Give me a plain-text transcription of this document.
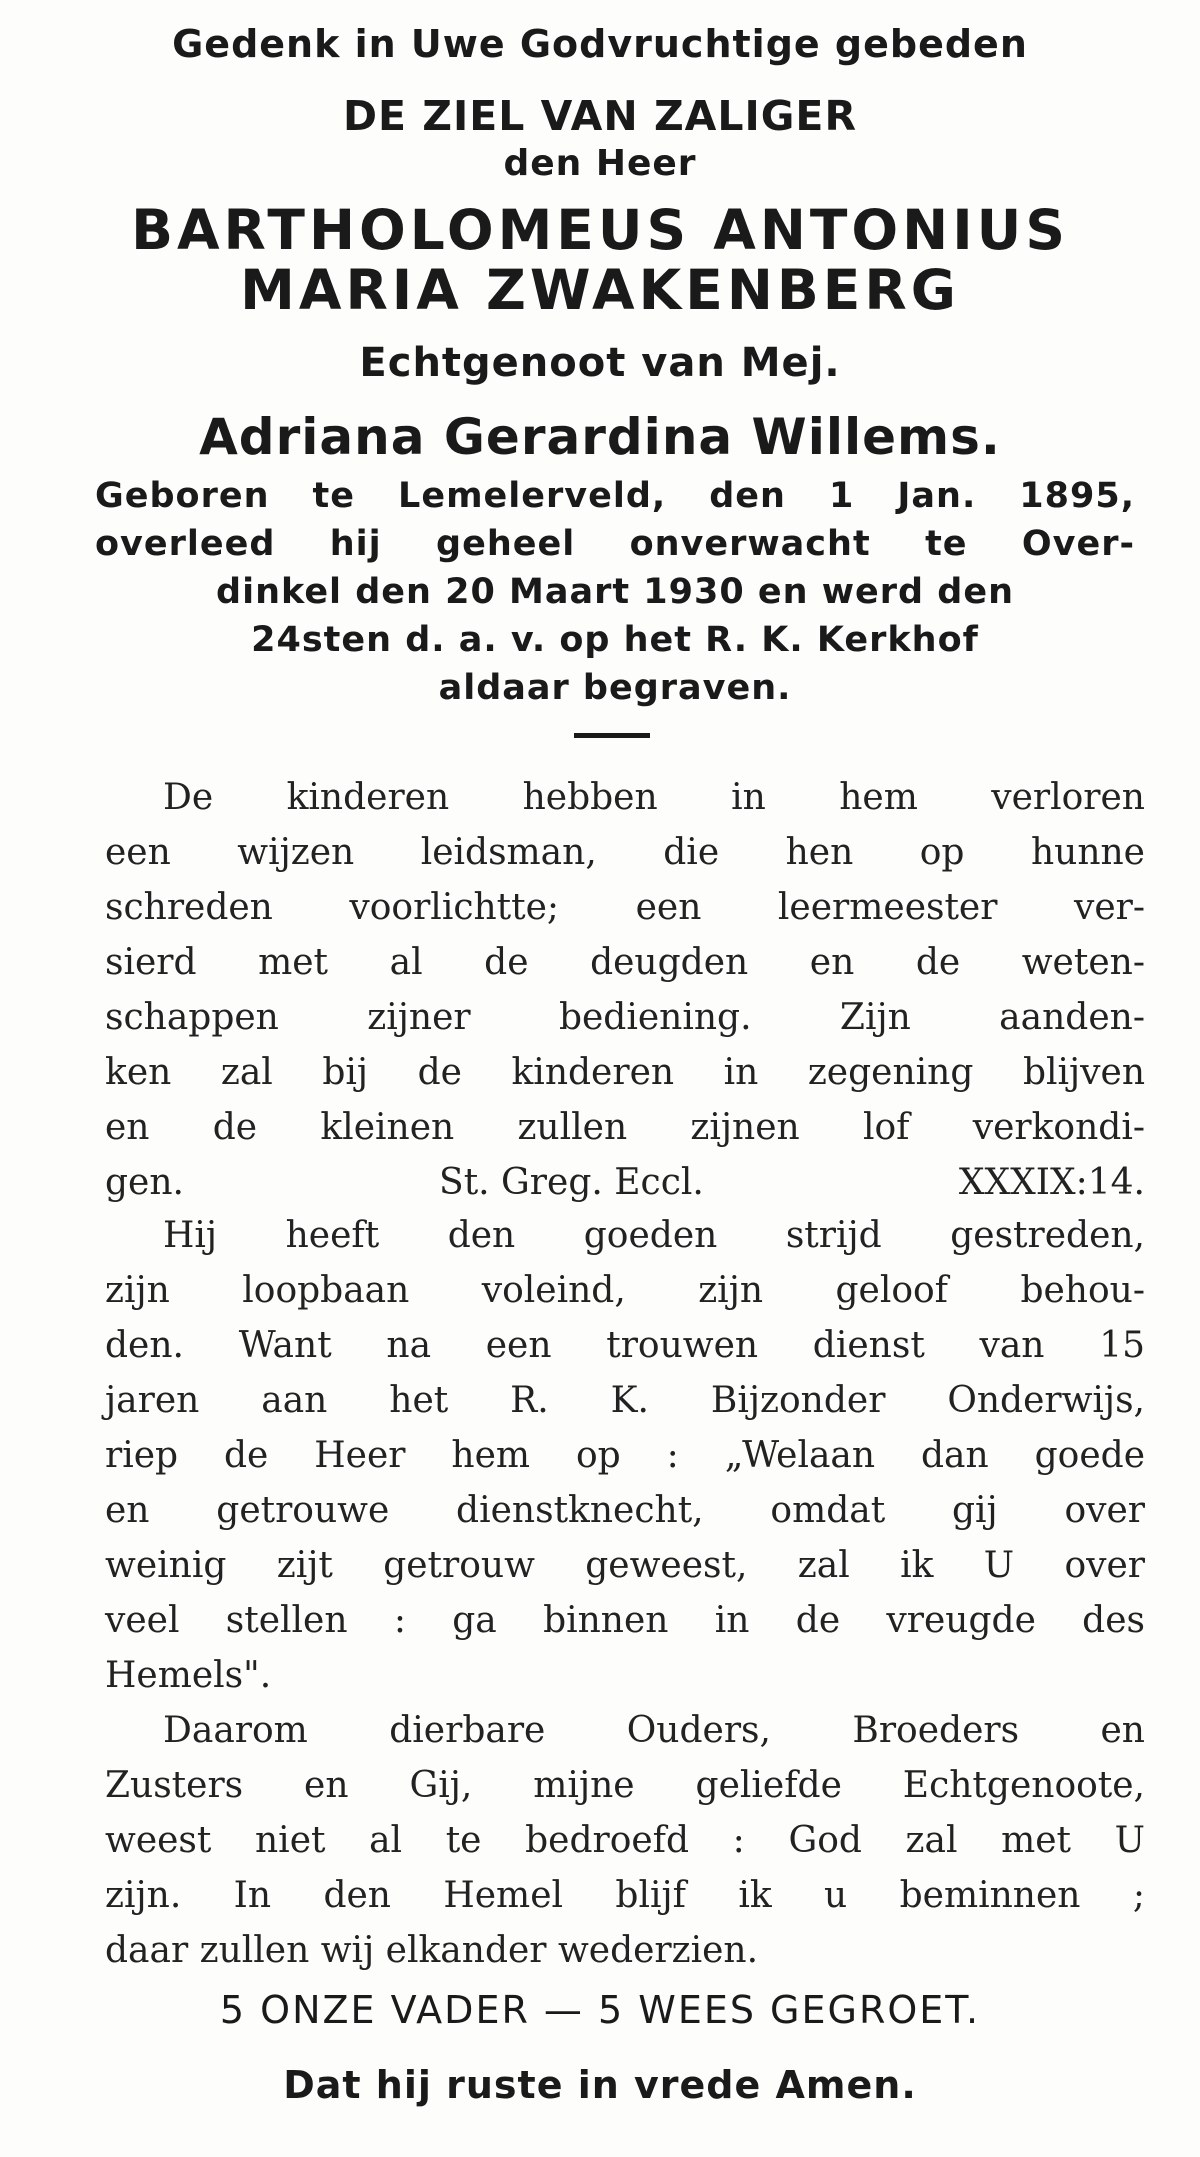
Gedenk in Uwe Godvruchtige gebeden
DE ZIEL VAN ZALIGER
den Heer
BARTHOLOMEUS ANTONIUS
MARIA ZWAKENBERG
Echtgenoot van Mej.
Adriana Gerardina Willems.
Geboren te Lemelerveld, den 1 Jan. 1895,
overleed hij geheel onverwacht te Over-
dinkel den 20 Maart 1930 en werd den
24sten d. a. v. op het R. K. Kerkhof
aldaar begraven.
De kinderen hebben in hem verloren
een wijzen leidsman, die hen op hunne
schreden voorlichtte; een leermeester ver-
sierd met al de deugden en de weten-
schappen zijner bediening. Zijn aanden-
ken zal bij de kinderen in zegening blijven
en de kleinen zullen zijnen lof verkondi-
gen.	St. Greg. Eccl.	XXXIX:14.
Hij heeft den goeden strijd gestreden,
zijn loopbaan voleind, zijn geloof behou-
den. Want na een trouwen dienst van 15
jaren aan het R. K. Bijzonder Onderwijs,
riep de Heer hem op : „Welaan dan goede
en getrouwe dienstknecht, omdat gij over
weinig zijt getrouw geweest, zal ik U over
veel stellen : ga binnen in de vreugde des
Hemels".
Daarom dierbare Ouders, Broeders en
Zusters en Gij, mijne geliefde Echtgenoote,
weest niet al te bedroefd : God zal met U
zijn. In den Hemel blijf ik u beminnen ;
daar zullen wij elkander wederzien.
5 ONZE VADER — 5 WEES GEGROET.
Dat hij ruste in vrede Amen.
